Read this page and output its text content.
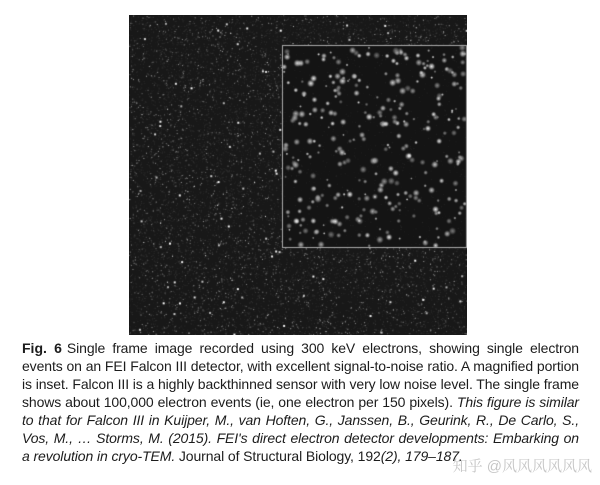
Fig. 6 Single frame image recorded using 300 keV electrons, showing single electron events on an FEI Falcon III detector, with excellent signal-to-noise ratio. A magnified portion is inset. Falcon III is a highly backthinned sensor with very low noise level. The single frame shows about 100,000 electron events (ie, one electron per 150 pixels). This figure is similar to that for Falcon III in Kuijper, M., van Hoften, G., Janssen, B., Geurink, R., De Carlo, S., Vos, M., … Storms, M. (2015). FEI's direct electron detector developments: Embarking on a revolution in cryo-TEM. Journal of Structural Biology, 192(2), 179–187.

知乎 @风风风风风风
